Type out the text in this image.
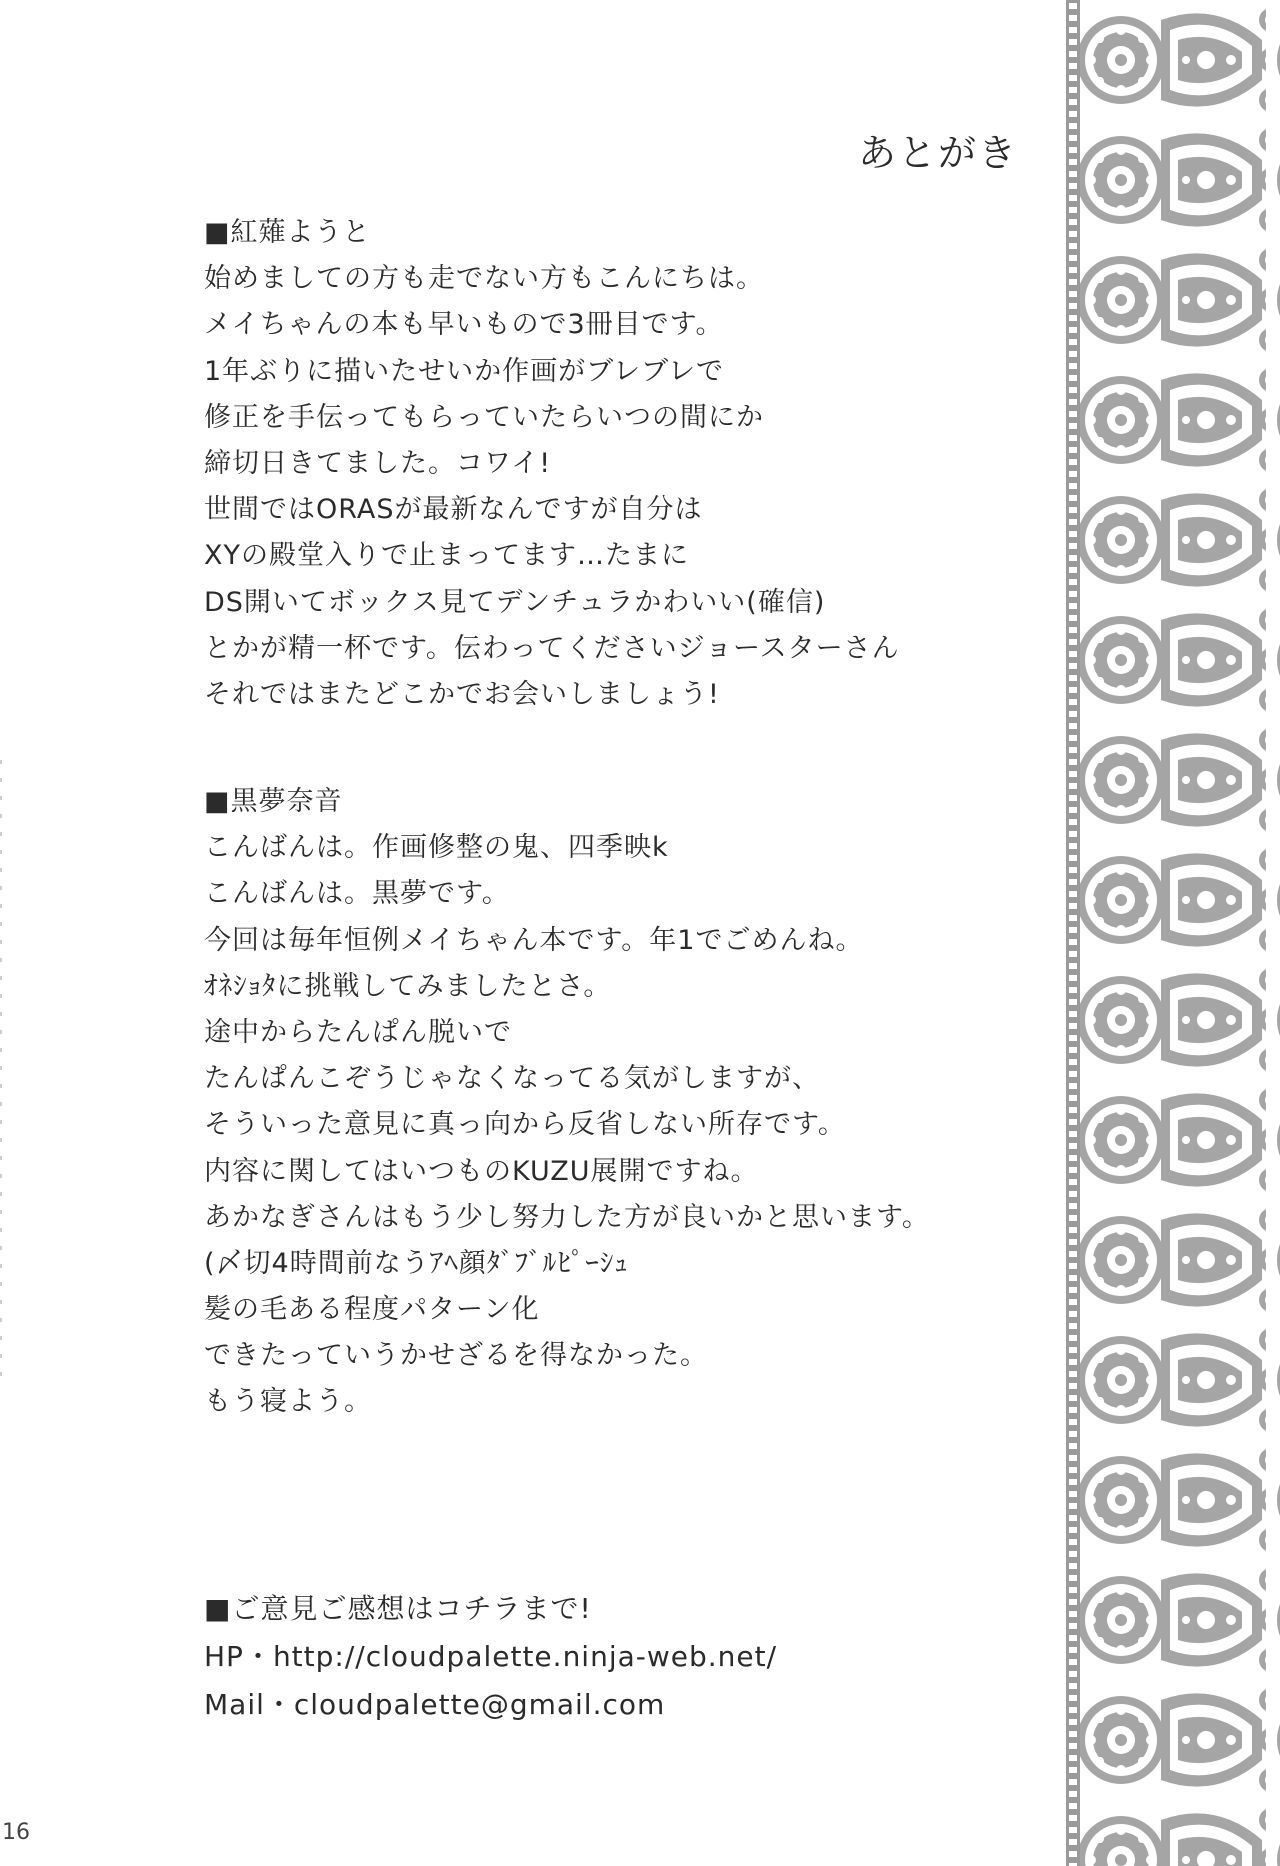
あとがき
■紅薙ようと
始めましての方も走でない方もこんにちは。
メイちゃんの本も早いもので3冊目です。
1年ぶりに描いたせいか作画がブレブレで
修正を手伝ってもらっていたらいつの間にか
締切日きてました。コワイ!
世間ではORASが最新なんですが自分は
XYの殿堂入りで止まってます…たまに
DS開いてボックス見てデンチュラかわいい(確信)
とかが精一杯です。伝わってくださいジョースターさん
それではまたどこかでお会いしましょう!
■黒夢奈音
こんばんは。作画修整の鬼、四季映k
こんばんは。黒夢です。
今回は毎年恒例メイちゃん本です。年1でごめんね。
ｵﾈｼｮﾀに挑戦してみましたとさ。
途中からたんぱん脱いで
たんぱんこぞうじゃなくなってる気がしますが、
そういった意見に真っ向から反省しない所存です。
内容に関してはいつものKUZU展開ですね。
あかなぎさんはもう少し努力した方が良いかと思います。
(〆切4時間前なうｱﾍ顔ﾀﾞﾌﾞﾙﾋﾟｰｼｭ
髪の毛ある程度パターン化
できたっていうかせざるを得なかった。
もう寝よう。
■ご意見ご感想はコチラまで!
HP・http://cloudpalette.ninja-web.net/
Mail・cloudpalette@gmail.com
16
